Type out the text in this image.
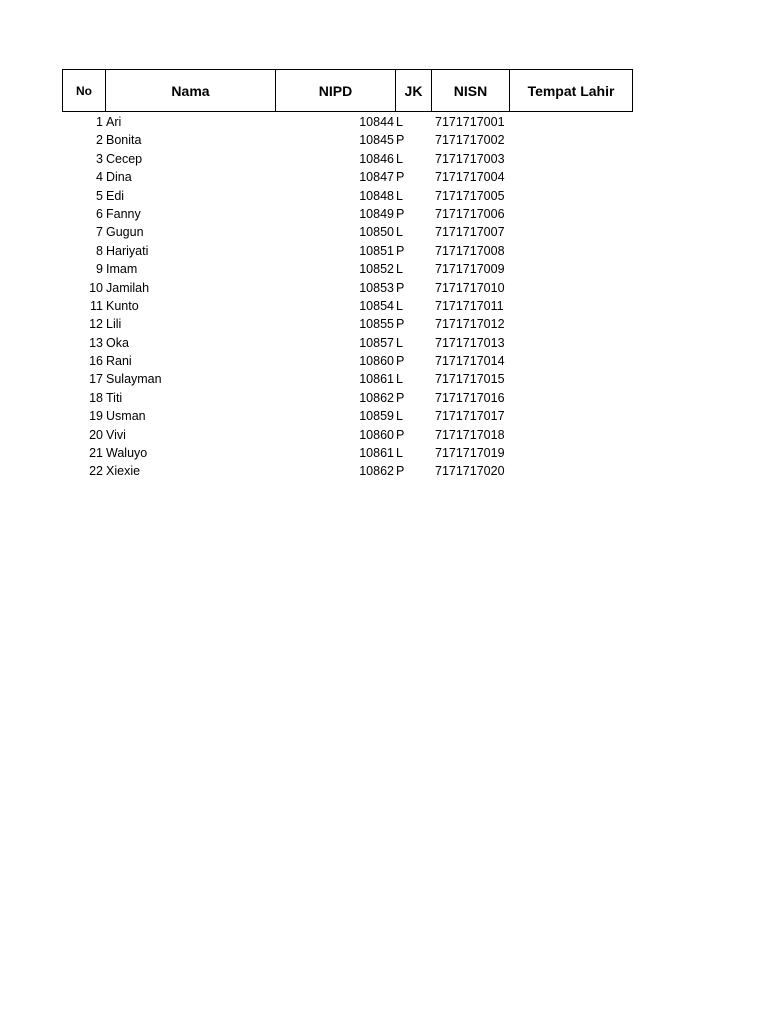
No	Nama	NIPD	JK	NISN	Tempat Lahir
1 Ari	10844 L	7171717001
2 Bonita	10845 P	7171717002
3 Cecep	10846 L	7171717003
4 Dina	10847 P	7171717004
5 Edi	10848 L	7171717005
6 Fanny	10849 P	7171717006
7 Gugun	10850 L	7171717007
8 Hariyati	10851 P	7171717008
9 Imam	10852 L	7171717009
10 Jamilah	10853 P	7171717010
11 Kunto	10854 L	7171717011
12 Lili	10855 P	7171717012
13 Oka	10857 L	7171717013
16 Rani	10860 P	7171717014
17 Sulayman	10861 L	7171717015
18 Titi	10862 P	7171717016
19 Usman	10859 L	7171717017
20 Vivi	10860 P	7171717018
21 Waluyo	10861 L	7171717019
22 Xiexie	10862 P	7171717020
